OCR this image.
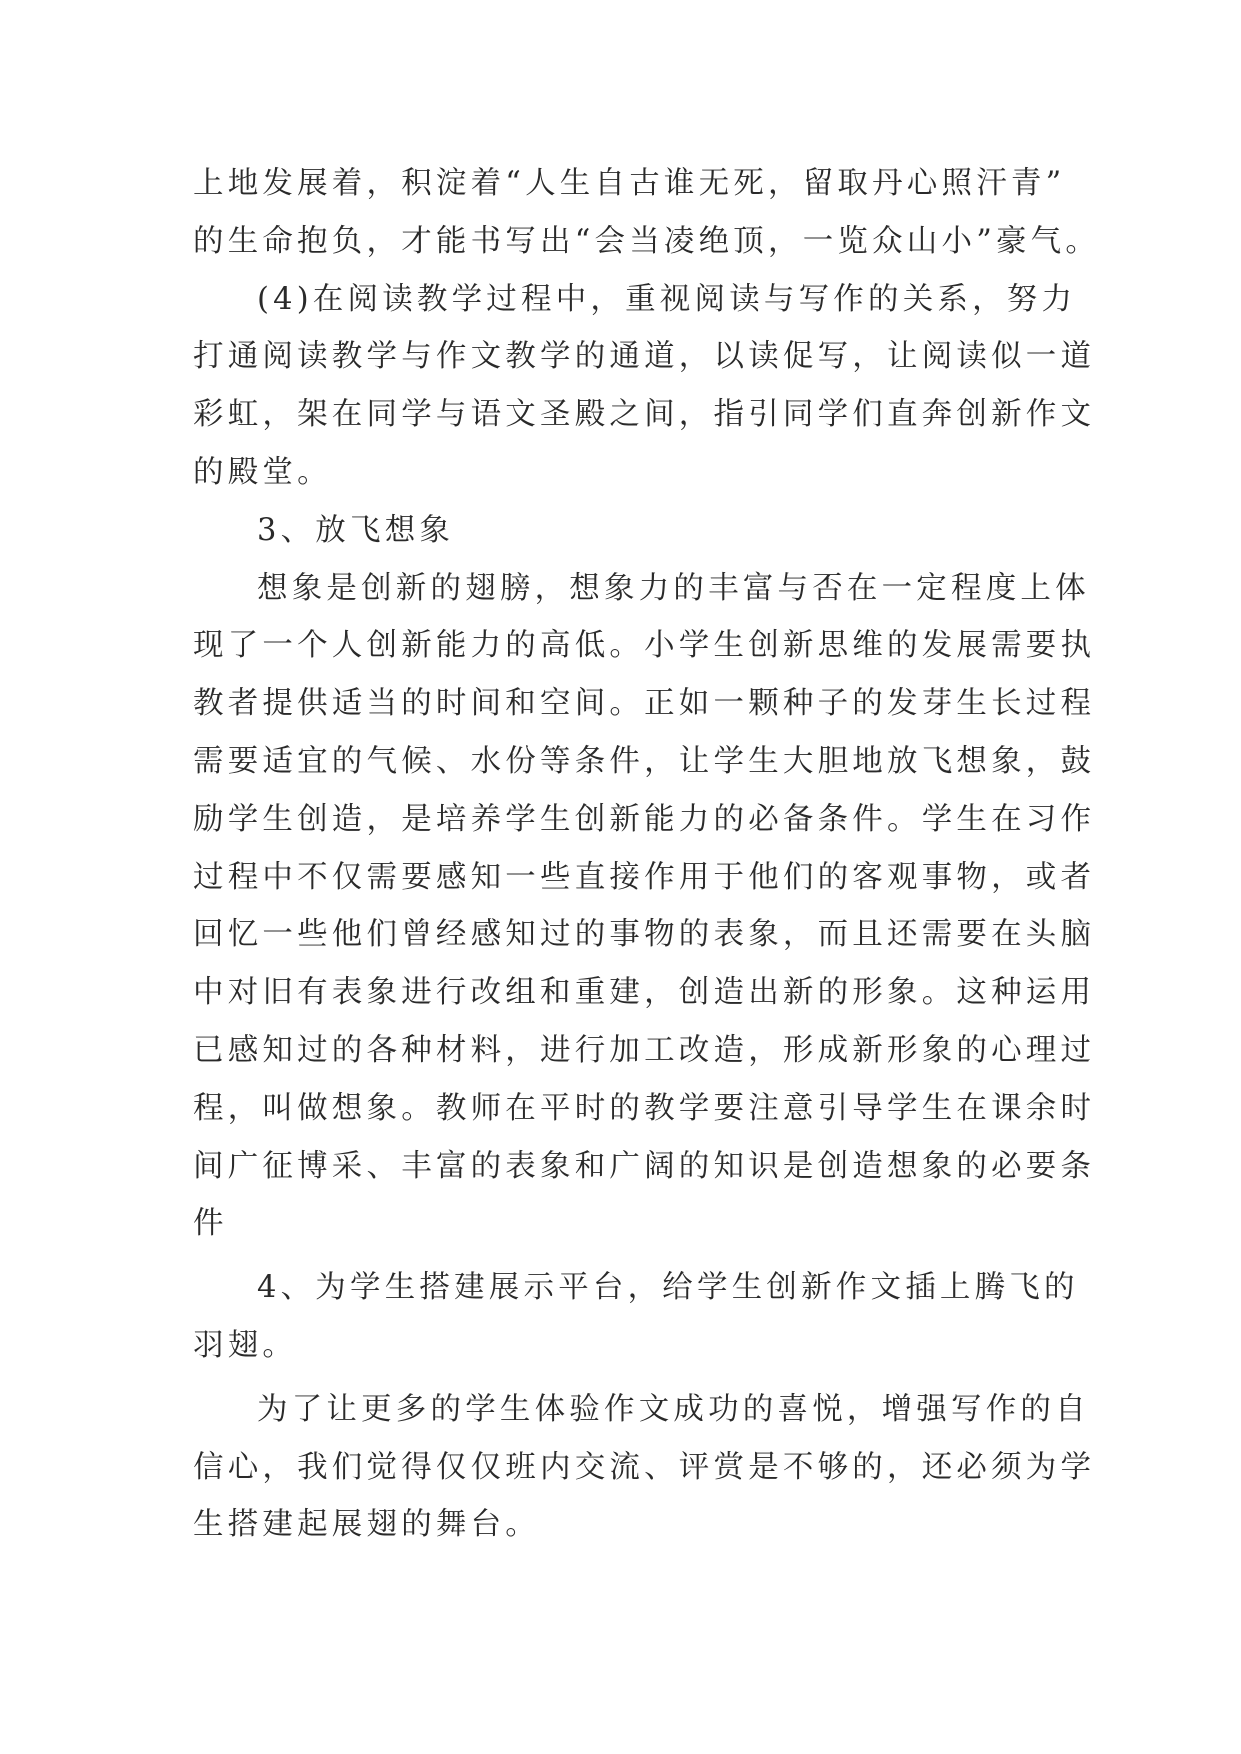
上地发展着，积淀着“人生自古谁无死，留取丹心照汗青”
的生命抱负，才能书写出“会当凌绝顶，一览众山小”豪气。
(4)在阅读教学过程中，重视阅读与写作的关系，努力
打通阅读教学与作文教学的通道，以读促写，让阅读似一道
彩虹，架在同学与语文圣殿之间，指引同学们直奔创新作文
的殿堂。
3、放飞想象
想象是创新的翅膀，想象力的丰富与否在一定程度上体
现了一个人创新能力的高低。小学生创新思维的发展需要执
教者提供适当的时间和空间。正如一颗种子的发芽生长过程
需要适宜的气候、水份等条件，让学生大胆地放飞想象，鼓
励学生创造，是培养学生创新能力的必备条件。学生在习作
过程中不仅需要感知一些直接作用于他们的客观事物，或者
回忆一些他们曾经感知过的事物的表象，而且还需要在头脑
中对旧有表象进行改组和重建，创造出新的形象。这种运用
已感知过的各种材料，进行加工改造，形成新形象的心理过
程，叫做想象。教师在平时的教学要注意引导学生在课余时
间广征博采、丰富的表象和广阔的知识是创造想象的必要条
件
4、为学生搭建展示平台，给学生创新作文插上腾飞的
羽翅。
为了让更多的学生体验作文成功的喜悦，增强写作的自
信心，我们觉得仅仅班内交流、评赏是不够的，还必须为学
生搭建起展翅的舞台。
